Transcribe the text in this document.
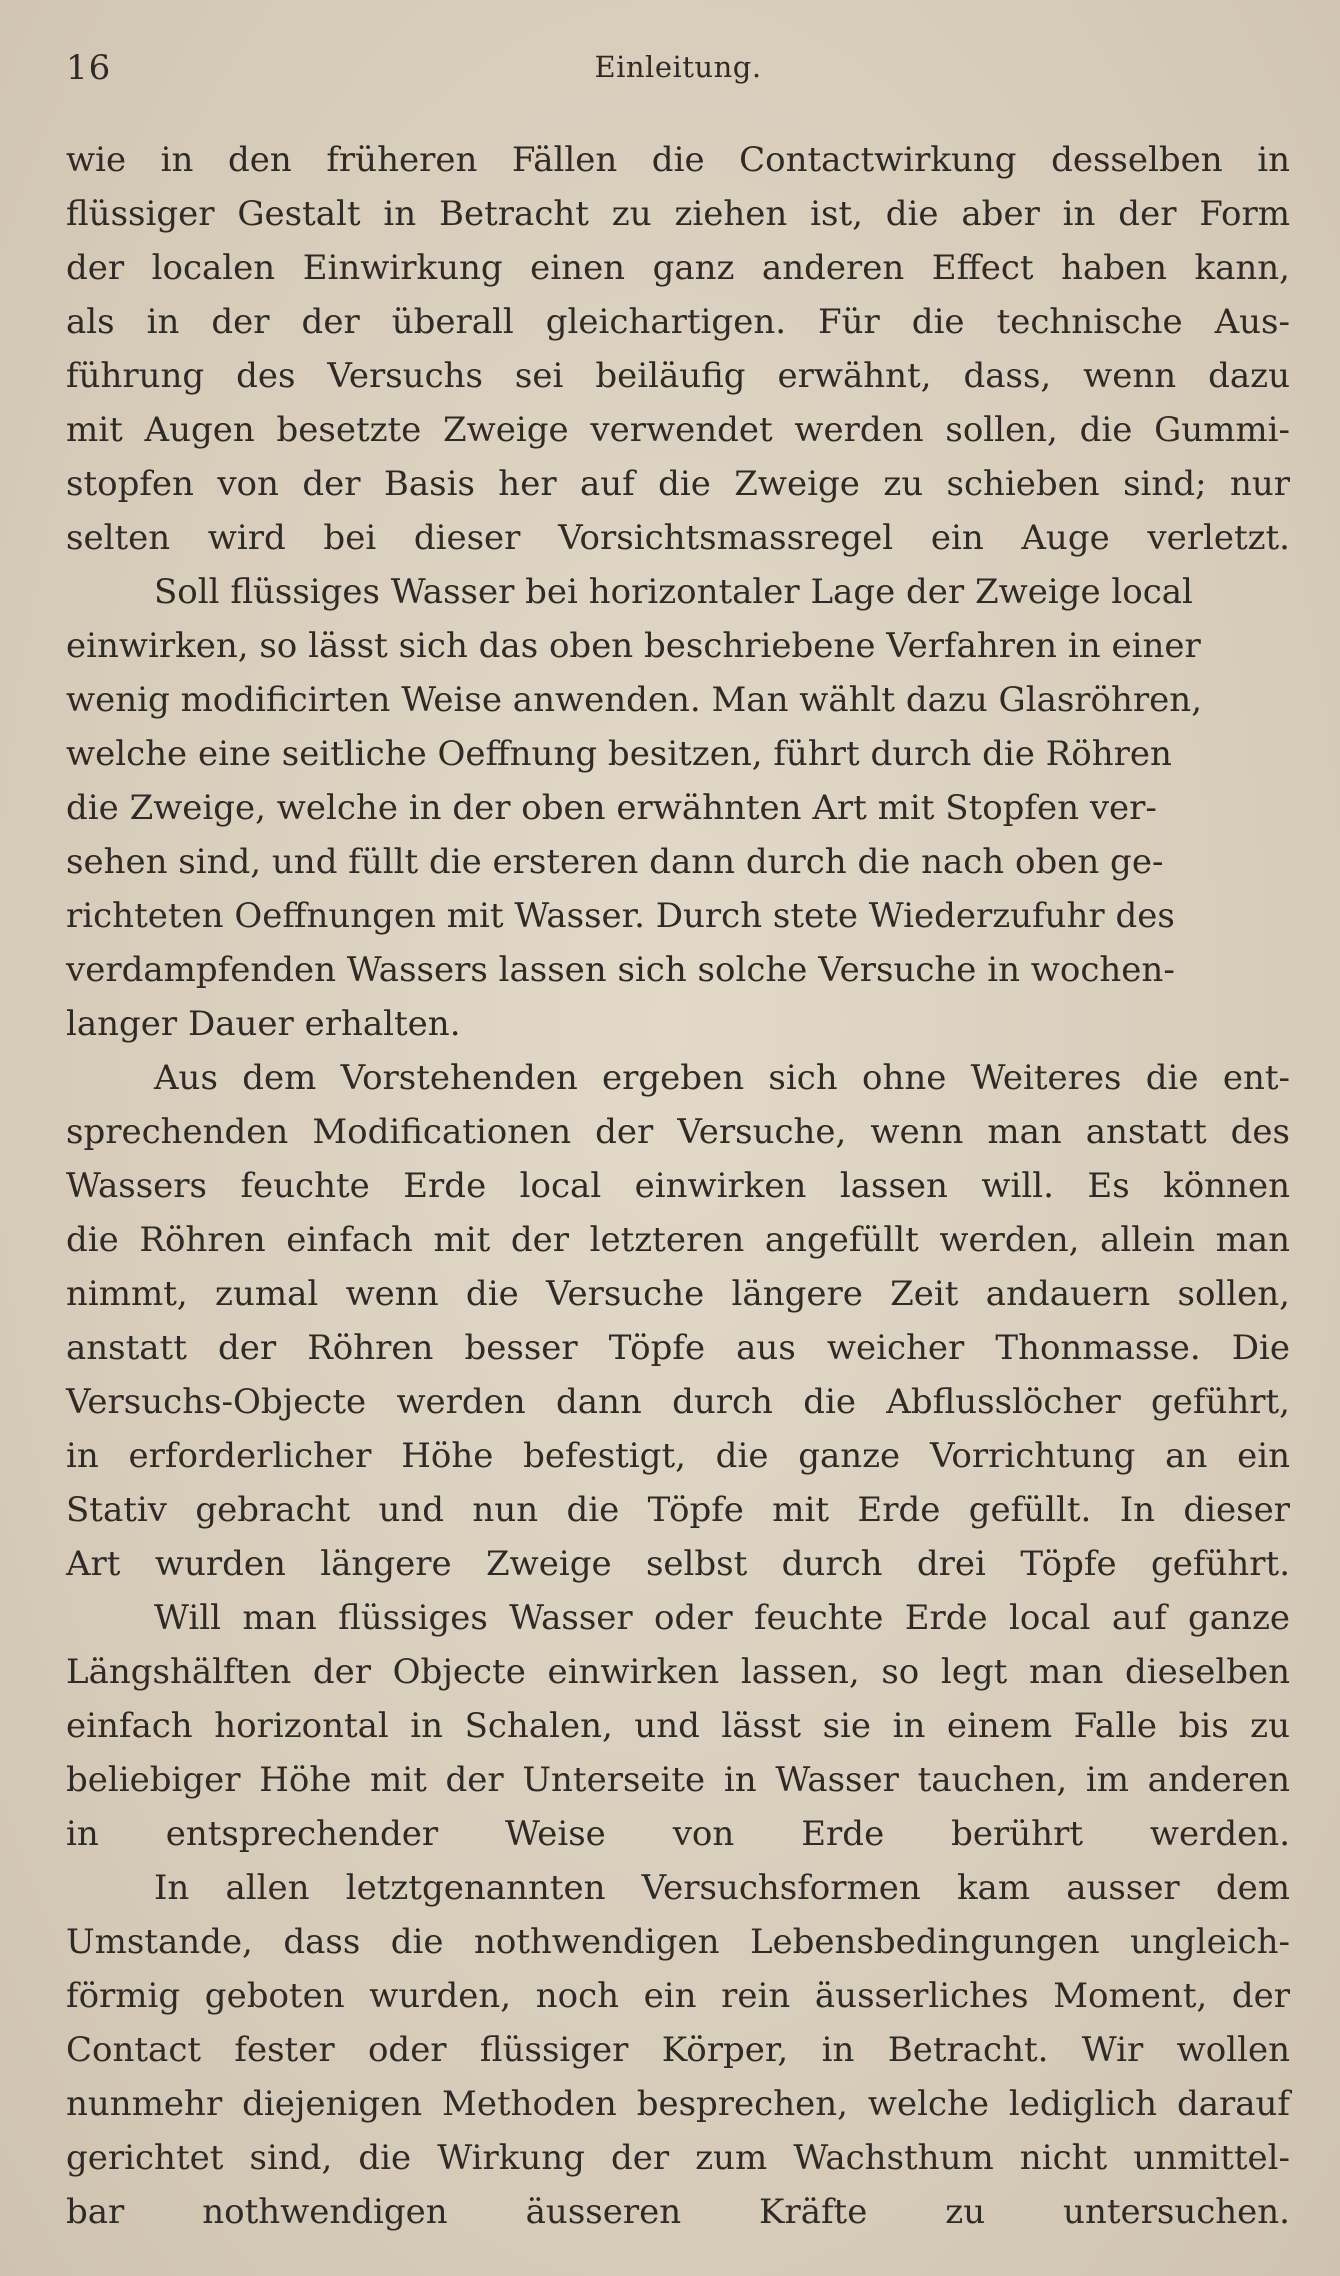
16	Einleitung.

wie in den früheren Fällen die Contactwirkung desselben in
flüssiger Gestalt in Betracht zu ziehen ist, die aber in der Form
der localen Einwirkung einen ganz anderen Effect haben kann,
als in der der überall gleichartigen. Für die technische Aus-
führung des Versuchs sei beiläufig erwähnt, dass, wenn dazu
mit Augen besetzte Zweige verwendet werden sollen, die Gummi-
stopfen von der Basis her auf die Zweige zu schieben sind; nur
selten wird bei dieser Vorsichtsmassregel ein Auge verletzt.

Soll flüssiges Wasser bei horizontaler Lage der Zweige local
einwirken, so lässt sich das oben beschriebene Verfahren in einer
wenig modificirten Weise anwenden. Man wählt dazu Glasröhren,
welche eine seitliche Oeffnung besitzen, führt durch die Röhren
die Zweige, welche in der oben erwähnten Art mit Stopfen ver-
sehen sind, und füllt die ersteren dann durch die nach oben ge-
richteten Oeffnungen mit Wasser. Durch stete Wiederzufuhr des
verdampfenden Wassers lassen sich solche Versuche in wochen-
langer Dauer erhalten.

Aus dem Vorstehenden ergeben sich ohne Weiteres die ent-
sprechenden Modificationen der Versuche, wenn man anstatt des
Wassers feuchte Erde local einwirken lassen will. Es können
die Röhren einfach mit der letzteren angefüllt werden, allein man
nimmt, zumal wenn die Versuche längere Zeit andauern sollen,
anstatt der Röhren besser Töpfe aus weicher Thonmasse. Die
Versuchs-Objecte werden dann durch die Abflusslöcher geführt,
in erforderlicher Höhe befestigt, die ganze Vorrichtung an ein
Stativ gebracht und nun die Töpfe mit Erde gefüllt. In dieser
Art wurden längere Zweige selbst durch drei Töpfe geführt.

Will man flüssiges Wasser oder feuchte Erde local auf ganze
Längshälften der Objecte einwirken lassen, so legt man dieselben
einfach horizontal in Schalen, und lässt sie in einem Falle bis zu
beliebiger Höhe mit der Unterseite in Wasser tauchen, im anderen
in entsprechender Weise von Erde berührt werden.

In allen letztgenannten Versuchsformen kam ausser dem
Umstande, dass die nothwendigen Lebensbedingungen ungleich-
förmig geboten wurden, noch ein rein äusserliches Moment, der
Contact fester oder flüssiger Körper, in Betracht. Wir wollen
nunmehr diejenigen Methoden besprechen, welche lediglich darauf
gerichtet sind, die Wirkung der zum Wachsthum nicht unmittel-
bar nothwendigen äusseren Kräfte zu untersuchen.
